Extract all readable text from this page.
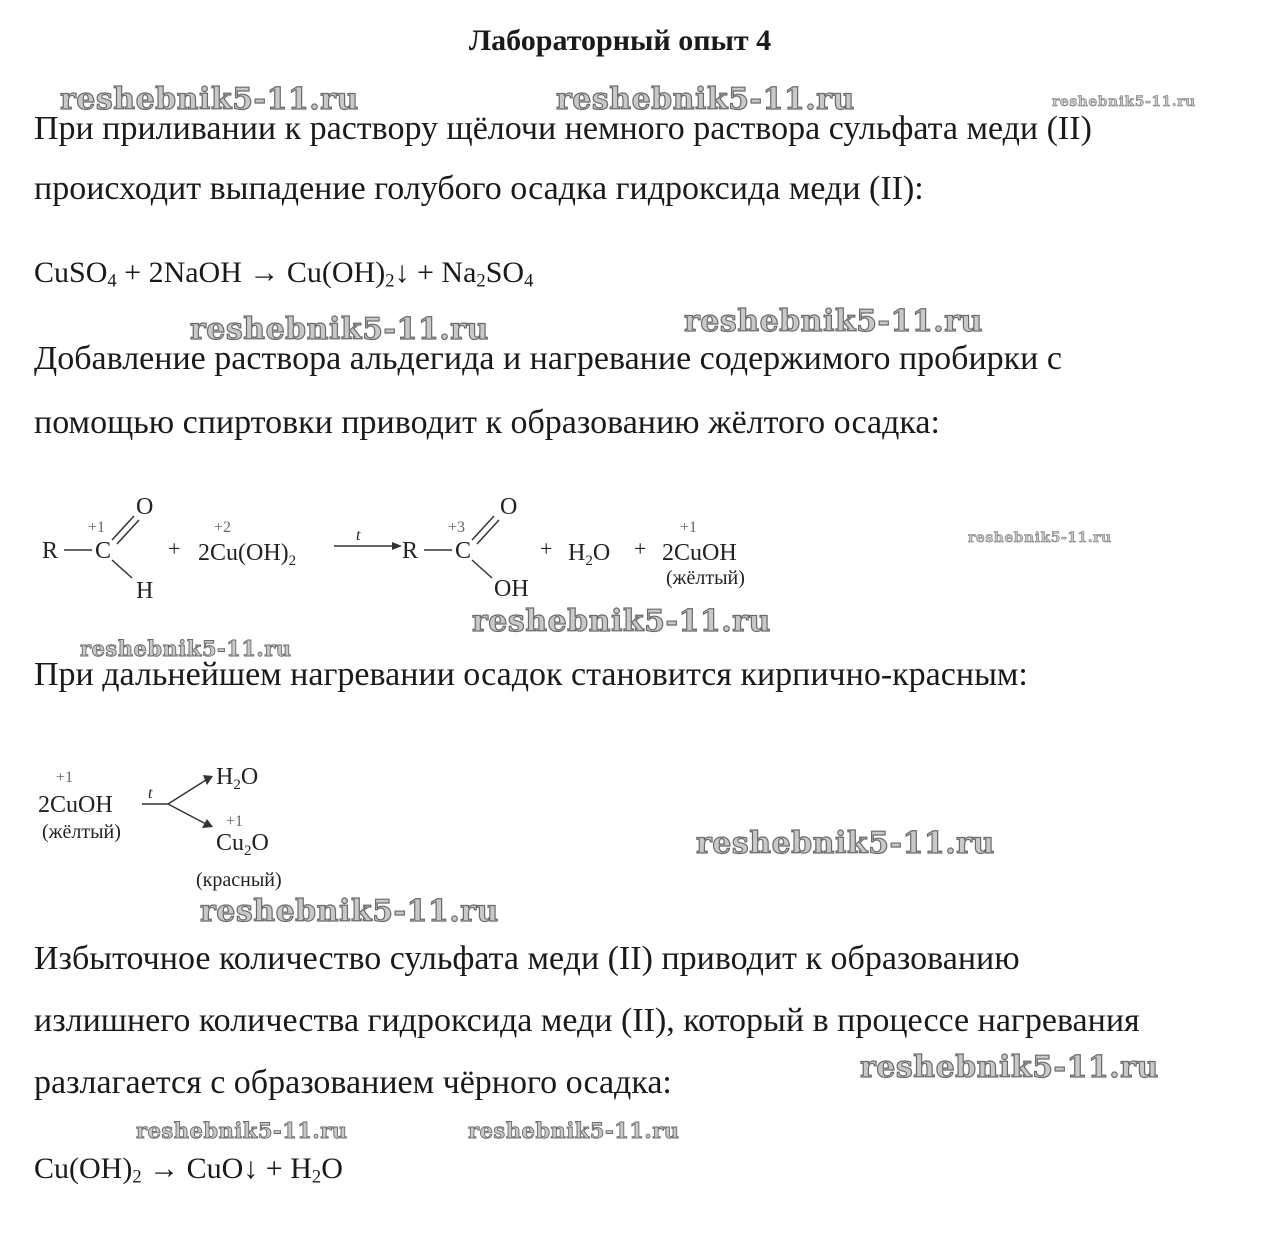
Лабораторный опыт 4
reshebnik5-11.ru	reshebnik5-11.ru	reshebnik5-11.ru
При приливании к раствору щёлочи немного раствора сульфата меди (II)
происходит выпадение голубого осадка гидроксида меди (II):
CuSO$_4$ + 2NaOH → $Cu(OH)_2↓ + Na_2SO_4$
reshebnik5-11.ru	reshebnik5-11.ru
Добавление раствора альдегида и нагревание содержимого пробирки с
помощью спиртовки приводит к образованию жёлтого осадка:
R C
+1
O
H
+ $2Cu(OH)_2$
+2	t
R C
+3
O
OH
+ $H_2O$ + 2CuOH
+1
(жёлтый)
reshebnik5-11.ru
reshebnik5-11.ru
reshebnik5-11.ru
При дальнейшем нагревании осадок становится кирпично-красным:
+1
2CuOH
(жёлтый)
t
$H_2O$
+1
$Cu_2O$
(красный)
reshebnik5-11.ru
reshebnik5-11.ru
Избыточное количество сульфата меди (II) приводит к образованию
излишнего количества гидроксида меди (II), который в процессе нагревания
reshebnik5-11.ru
разлагается с образованием чёрного осадка:
reshebnik5-11.ru	reshebnik5-11.ru
$Cu(OH)_2$ → CuO↓ + $H_2O$
